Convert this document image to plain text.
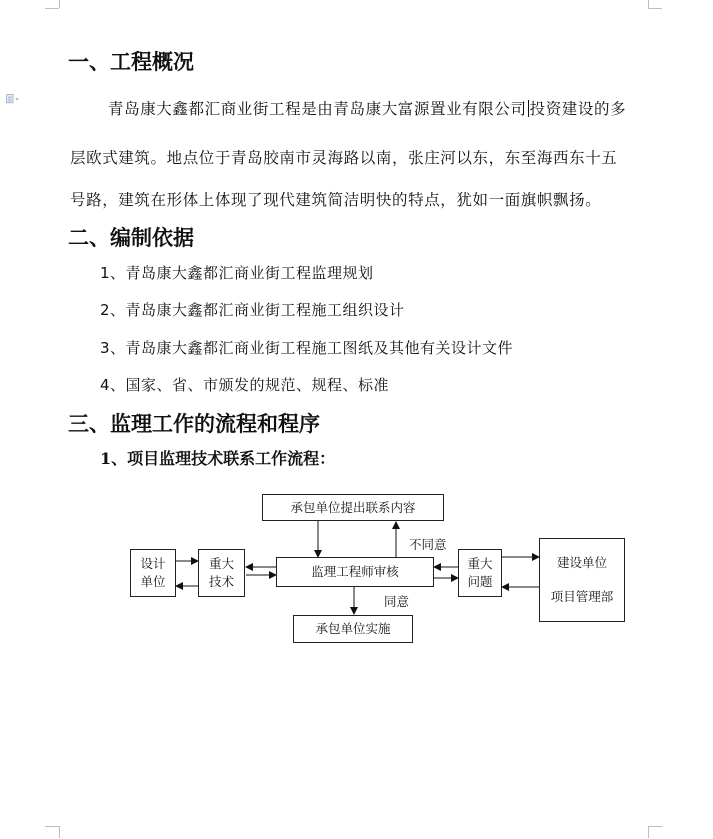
一、工程概况
青岛康大鑫都汇商业街工程是由青岛康大富源置业有限公司 投资建设的多
层欧式建筑。地点位于青岛胶南市灵海路以南，张庄河以东，东至海西东十五
号路，建筑在形体上体现了现代建筑简洁明快的特点，犹如一面旗帜飘扬。
二、编制依据
1、青岛康大鑫都汇商业街工程监理规划
2、青岛康大鑫都汇商业街工程施工组织设计
3、青岛康大鑫都汇商业街工程施工图纸及其他有关设计文件
4、国家、省、市颁发的规范、规程、标准
三、监理工作的流程和程序
1、项目监理技术联系工作流程：
承包单位提出联系内容
设计
单位
重大
技术
监理工程师审核
重大
问题
建设单位
项目管理部
承包单位实施
不同意
同意
